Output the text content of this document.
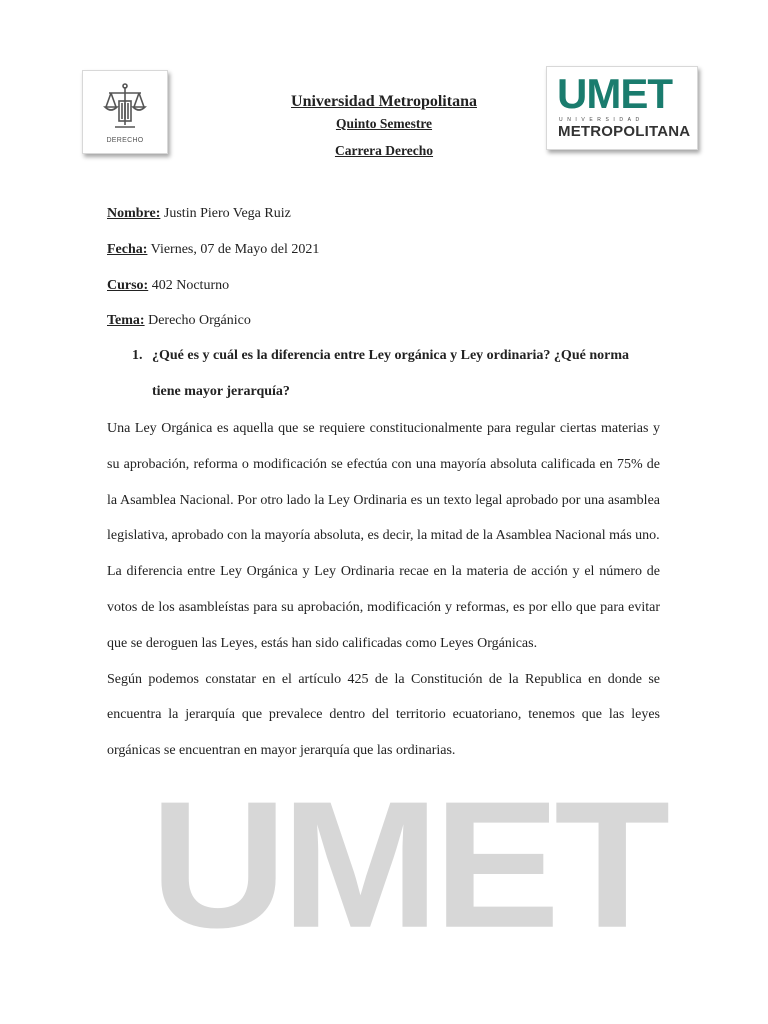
DERECHO
UMET
UNIVERSIDAD
METROPOLITANA
Universidad Metropolitana
Quinto Semestre
Carrera Derecho
Nombre: Justin Piero Vega Ruiz
Fecha: Viernes, 07 de Mayo del 2021
Curso: 402 Nocturno
Tema: Derecho Orgánico
1. ¿Qué es y cuál es la diferencia entre Ley orgánica y Ley ordinaria? ¿Qué norma tiene mayor jerarquía?

Una Ley Orgánica es aquella que se requiere constitucionalmente para regular ciertas materias y su aprobación, reforma o modificación se efectúa con una mayoría absoluta calificada en 75% de la Asamblea Nacional. Por otro lado la Ley Ordinaria es un texto legal aprobado por una asamblea legislativa, aprobado con la mayoría absoluta, es decir, la mitad de la Asamblea Nacional más uno.

La diferencia entre Ley Orgánica y Ley Ordinaria recae en la materia de acción y el número de votos de los asambleístas para su aprobación, modificación y reformas, es por ello que para evitar que se deroguen las Leyes, estás han sido calificadas como Leyes Orgánicas.

Según podemos constatar en el artículo 425 de la Constitución de la Republica en donde se encuentra la jerarquía que prevalece dentro del territorio ecuatoriano, tenemos que las leyes orgánicas se encuentran en mayor jerarquía que las ordinarias.

UMET
